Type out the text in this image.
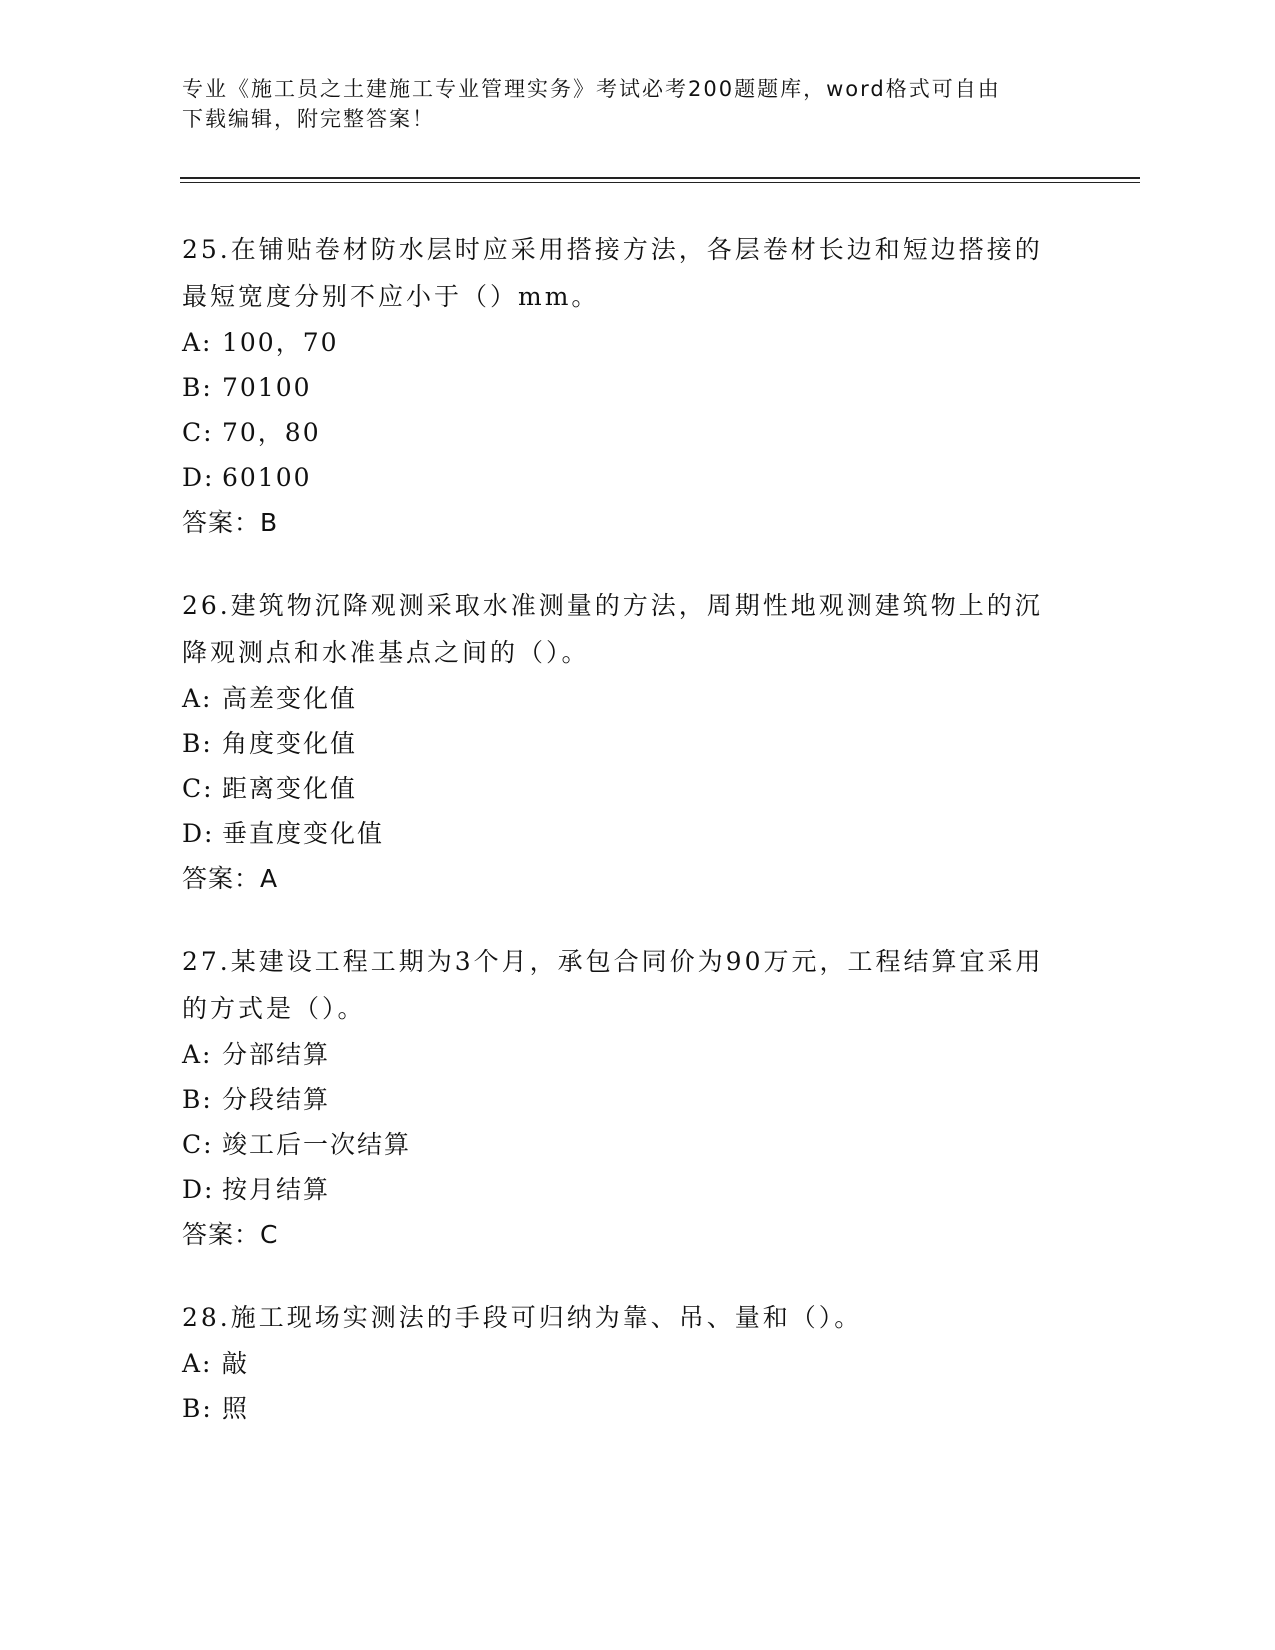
专业《施工员之土建施工专业管理实务》考试必考200题题库，word格式可自由
下载编辑，附完整答案！
25.在铺贴卷材防水层时应采用搭接方法，各层卷材长边和短边搭接的最短宽度分别不应小于（）mm。
A: 100，70
B: 70100
C: 70，80
D: 60100
答案：B
26.建筑物沉降观测采取水准测量的方法，周期性地观测建筑物上的沉降观测点和水准基点之间的（）。
A: 高差变化值
B: 角度变化值
C: 距离变化值
D: 垂直度变化值
答案：A
27.某建设工程工期为3个月，承包合同价为90万元，工程结算宜采用的方式是（）。
A: 分部结算
B: 分段结算
C: 竣工后一次结算
D: 按月结算
答案：C
28.施工现场实测法的手段可归纳为靠、吊、量和（）。
A: 敲
B: 照
